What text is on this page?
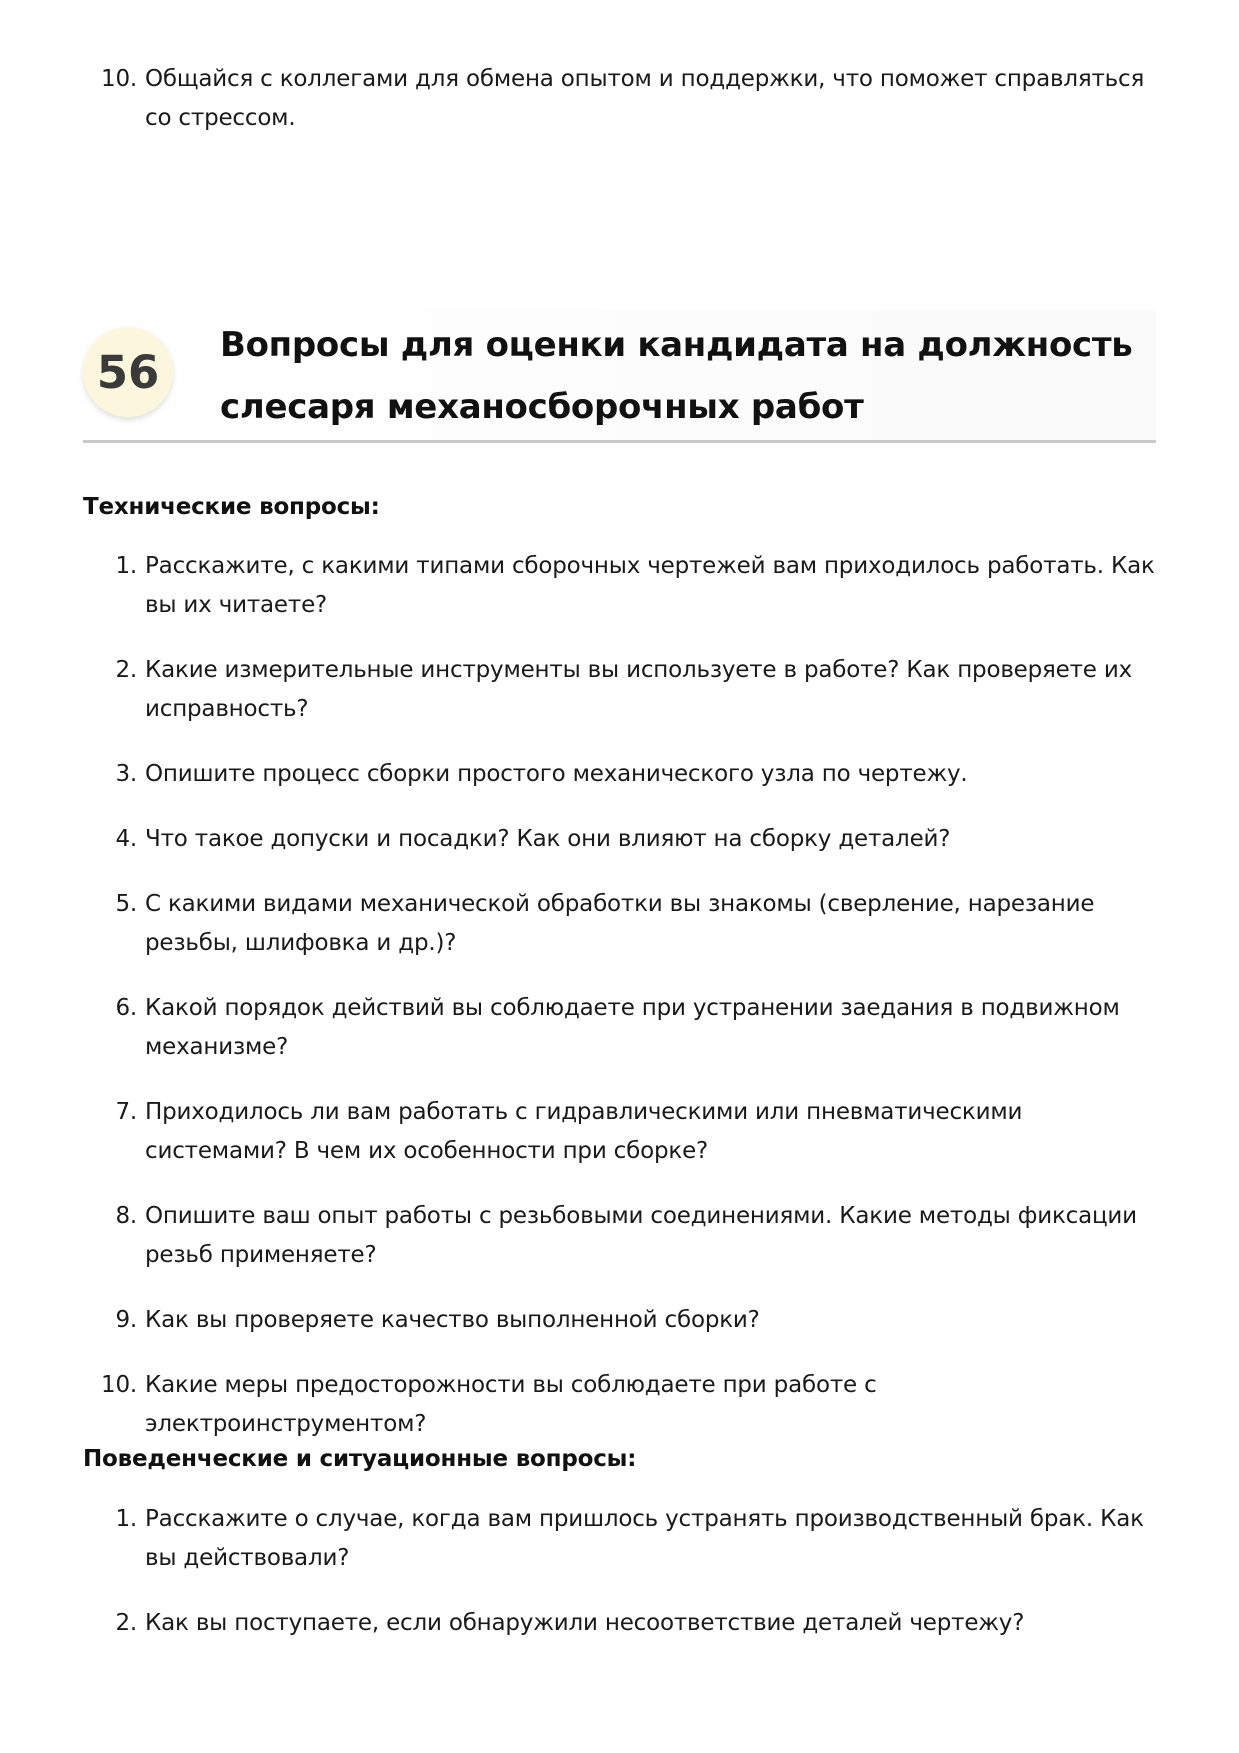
10. Общайся с коллегами для обмена опытом и поддержки, что поможет справляться со стрессом.
56
Вопросы для оценки кандидата на должность слесаря механосборочных работ

Технические вопросы:

1. Расскажите, с какими типами сборочных чертежей вам приходилось работать. Как вы их читаете?
2. Какие измерительные инструменты вы используете в работе? Как проверяете их исправность?
3. Опишите процесс сборки простого механического узла по чертежу.
4. Что такое допуски и посадки? Как они влияют на сборку деталей?
5. С какими видами механической обработки вы знакомы (сверление, нарезание резьбы, шлифовка и др.)?
6. Какой порядок действий вы соблюдаете при устранении заедания в подвижном механизме?
7. Приходилось ли вам работать с гидравлическими или пневматическими системами? В чем их особенности при сборке?
8. Опишите ваш опыт работы с резьбовыми соединениями. Какие методы фиксации резьб применяете?
9. Как вы проверяете качество выполненной сборки?
10. Какие меры предосторожности вы соблюдаете при работе с электроинструментом?

Поведенческие и ситуационные вопросы:

1. Расскажите о случае, когда вам пришлось устранять производственный брак. Как вы действовали?
2. Как вы поступаете, если обнаружили несоответствие деталей чертежу?
